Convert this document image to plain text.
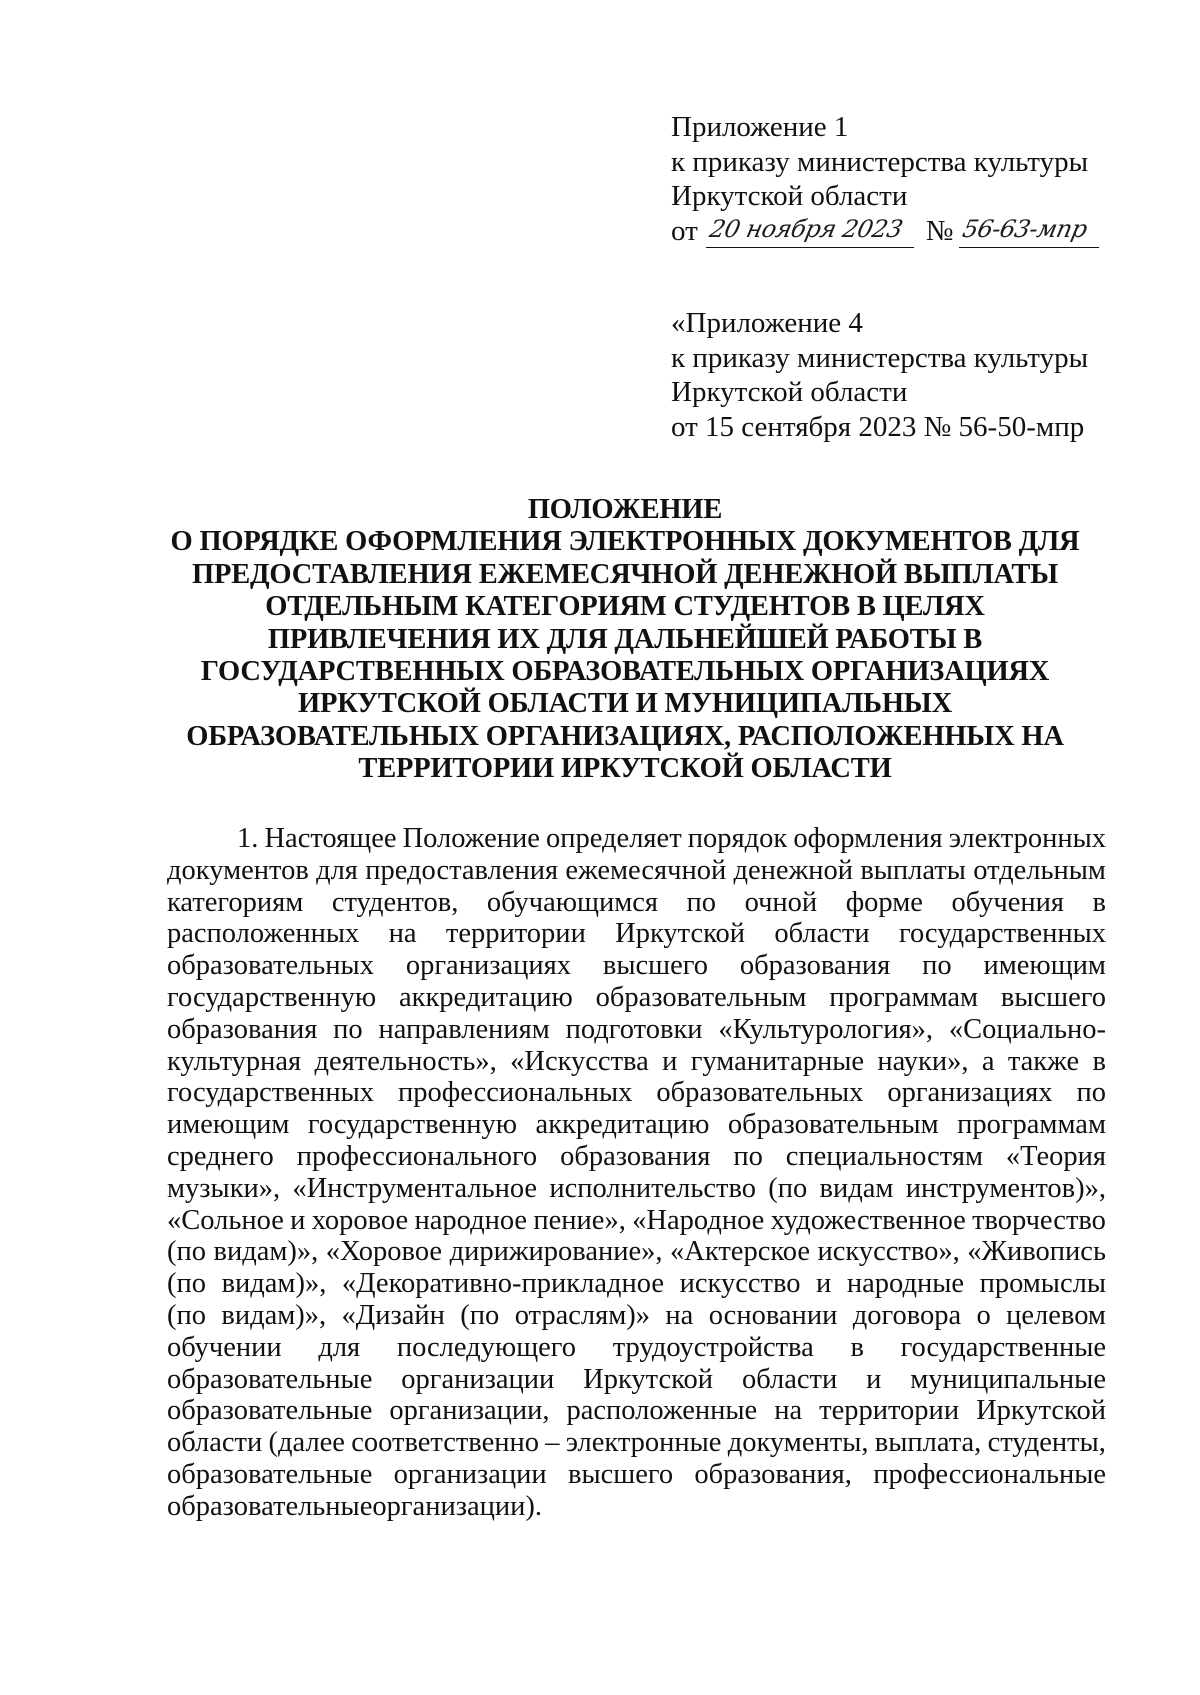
Приложение 1
к приказу министерства культуры
Иркутской области
от 20 ноября 2023 № 56-63-мпр
«Приложение 4
к приказу министерства культуры
Иркутской области
от 15 сентября 2023 № 56-50-мпр
ПОЛОЖЕНИЕ
О ПОРЯДКЕ ОФОРМЛЕНИЯ ЭЛЕКТРОННЫХ ДОКУМЕНТОВ ДЛЯ
ПРЕДОСТАВЛЕНИЯ ЕЖЕМЕСЯЧНОЙ ДЕНЕЖНОЙ ВЫПЛАТЫ
ОТДЕЛЬНЫМ КАТЕГОРИЯМ СТУДЕНТОВ В ЦЕЛЯХ
ПРИВЛЕЧЕНИЯ ИХ ДЛЯ ДАЛЬНЕЙШЕЙ РАБОТЫ В
ГОСУДАРСТВЕННЫХ ОБРАЗОВАТЕЛЬНЫХ ОРГАНИЗАЦИЯХ
ИРКУТСКОЙ ОБЛАСТИ И МУНИЦИПАЛЬНЫХ
ОБРАЗОВАТЕЛЬНЫХ ОРГАНИЗАЦИЯХ, РАСПОЛОЖЕННЫХ НА
ТЕРРИТОРИИ ИРКУТСКОЙ ОБЛАСТИ
1. Настоящее Положение определяет порядок оформления электронных
документов для предоставления ежемесячной денежной выплаты отдельным
категориям студентов, обучающимся по очной форме обучения в
расположенных на территории Иркутской области государственных
образовательных организациях высшего образования по имеющим
государственную аккредитацию образовательным программам высшего
образования по направлениям подготовки «Культурология», «Социально-
культурная деятельность», «Искусства и гуманитарные науки», а также в
государственных профессиональных образовательных организациях по
имеющим государственную аккредитацию образовательным программам
среднего профессионального образования по специальностям «Теория
музыки», «Инструментальное исполнительство (по видам инструментов)»,
«Сольное и хоровое народное пение», «Народное художественное творчество
(по видам)», «Хоровое дирижирование», «Актерское искусство», «Живопись
(по видам)», «Декоративно-прикладное искусство и народные промыслы
(по видам)», «Дизайн (по отраслям)» на основании договора о целевом
обучении для последующего трудоустройства в государственные
образовательные организации Иркутской области и муниципальные
образовательные организации, расположенные на территории Иркутской
области (далее соответственно – электронные документы, выплата, студенты,
образовательные организации высшего образования, профессиональные
образовательные организации).
